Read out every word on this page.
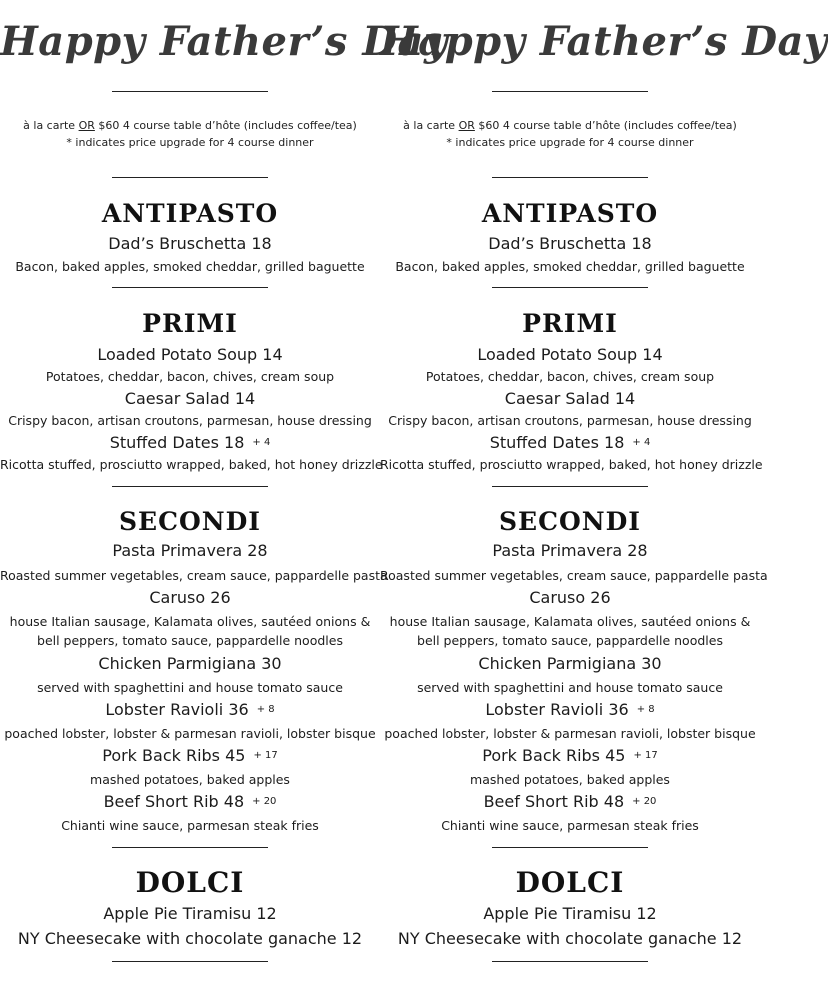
Happy Father’s Day

à la carte OR $60 4 course table d’hôte (includes coffee/tea)

* indicates price upgrade for 4 course dinner

ANTIPASTO

Dad’s Bruschetta 18

Bacon, baked apples, smoked cheddar, grilled baguette

PRIMI

Loaded Potato Soup 14

Potatoes, cheddar, bacon, chives, cream soup

Caesar Salad 14

Crispy bacon, artisan croutons, parmesan, house dressing

Stuffed Dates 18 + 4

Ricotta stuffed, prosciutto wrapped, baked, hot honey drizzle

SECONDI

Pasta Primavera 28

Roasted summer vegetables, cream sauce, pappardelle pasta

Caruso 26

house Italian sausage, Kalamata olives, sautéed onions &

bell peppers, tomato sauce, pappardelle noodles

Chicken Parmigiana 30

served with spaghettini and house tomato sauce

Lobster Ravioli 36 + 8

poached lobster, lobster & parmesan ravioli, lobster bisque

Pork Back Ribs 45 + 17

mashed potatoes, baked apples

Beef Short Rib 48 + 20

Chianti wine sauce, parmesan steak fries

DOLCI

Apple Pie Tiramisu 12

NY Cheesecake with chocolate ganache 12

Happy Father’s Day

à la carte OR $60 4 course table d’hôte (includes coffee/tea)

* indicates price upgrade for 4 course dinner

ANTIPASTO

Dad’s Bruschetta 18

Bacon, baked apples, smoked cheddar, grilled baguette

PRIMI

Loaded Potato Soup 14

Potatoes, cheddar, bacon, chives, cream soup

Caesar Salad 14

Crispy bacon, artisan croutons, parmesan, house dressing

Stuffed Dates 18 + 4

Ricotta stuffed, prosciutto wrapped, baked, hot honey drizzle

SECONDI

Pasta Primavera 28

Roasted summer vegetables, cream sauce, pappardelle pasta

Caruso 26

house Italian sausage, Kalamata olives, sautéed onions &

bell peppers, tomato sauce, pappardelle noodles

Chicken Parmigiana 30

served with spaghettini and house tomato sauce

Lobster Ravioli 36 + 8

poached lobster, lobster & parmesan ravioli, lobster bisque

Pork Back Ribs 45 + 17

mashed potatoes, baked apples

Beef Short Rib 48 + 20

Chianti wine sauce, parmesan steak fries

DOLCI

Apple Pie Tiramisu 12

NY Cheesecake with chocolate ganache 12
